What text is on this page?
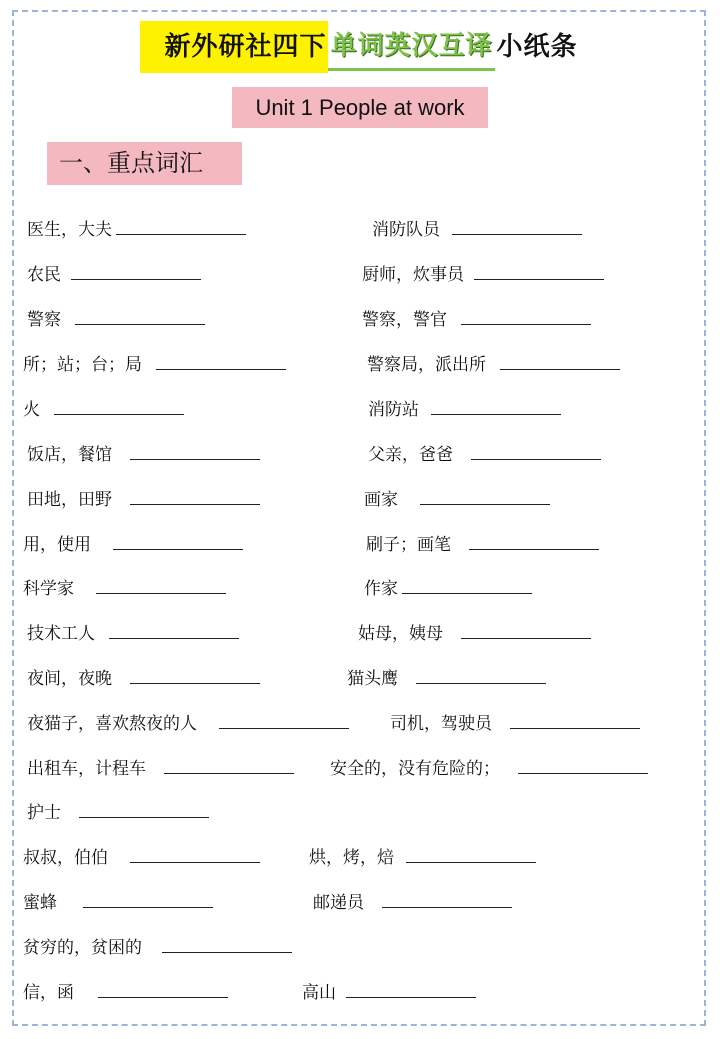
新外研社四下 单词英汉互译 小纸条
Unit 1 People at work
一、重点词汇
医生，大夫	消防队员
农民	厨师，炊事员
警察	警察，警官
所；站；台；局	警察局，派出所
火	消防站
饭店，餐馆	父亲，爸爸
田地，田野	画家
用，使用	刷子；画笔
科学家	作家
技术工人	姑母，姨母
夜间，夜晚	猫头鹰
夜猫子，喜欢熬夜的人	司机，驾驶员
出租车，计程车	安全的，没有危险的；
护士
叔叔，伯伯	烘，烤，焙
蜜蜂	邮递员
贫穷的，贫困的
信，函	高山
